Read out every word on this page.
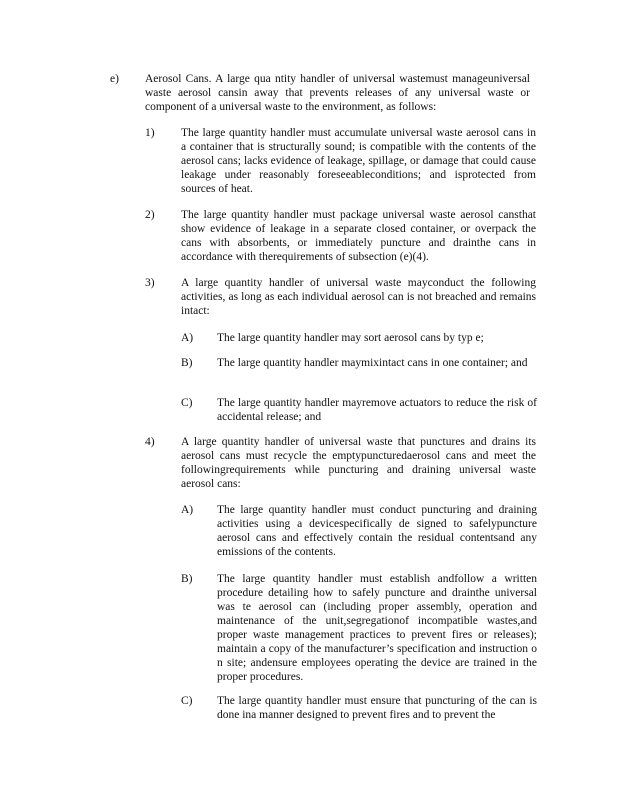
e) Aerosol Cans. A large qua ntity handler of universal wastemust manageuniversal waste aerosol cansin away that prevents releases of any universal waste or component of a universal waste to the environment, as follows:

1) The large quantity handler must accumulate universal waste aerosol cans in a container that is structurally sound; is compatible with the contents of the aerosol cans; lacks evidence of leakage, spillage, or damage that could cause leakage under reasonably foreseeableconditions; and isprotected from sources of heat.

2) The large quantity handler must package universal waste aerosol cansthat show evidence of leakage in a separate closed container, or overpack the cans with absorbents, or immediately puncture and drainthe cans in accordance with therequirements of subsection (e)(4).

3) A large quantity handler of universal waste mayconduct the following activities, as long as each individual aerosol can is not breached and remains intact:

A) The large quantity handler may sort aerosol cans by typ e;

B) The large quantity handler maymixintact cans in one container; and

C) The large quantity handler mayremove actuators to reduce the risk of accidental release; and

4) A large quantity handler of universal waste that punctures and drains its aerosol cans must recycle the emptypuncturedaerosol cans and meet the followingrequirements while puncturing and draining universal waste aerosol cans:

A) The large quantity handler must conduct puncturing and draining activities using a devicespecifically de signed to safelypuncture aerosol cans and effectively contain the residual contentsand any emissions of the contents.

B) The large quantity handler must establish andfollow a written procedure detailing how to safely puncture and drainthe universal was te aerosol can (including proper assembly, operation and maintenance of the unit,segregationof incompatible wastes,and proper waste management practices to prevent fires or releases); maintain a copy of the manufacturer’s specification and instruction o n site; andensure employees operating the device are trained in the proper procedures.

C) The large quantity handler must ensure that puncturing of the can is done ina manner designed to prevent fires and to prevent the
